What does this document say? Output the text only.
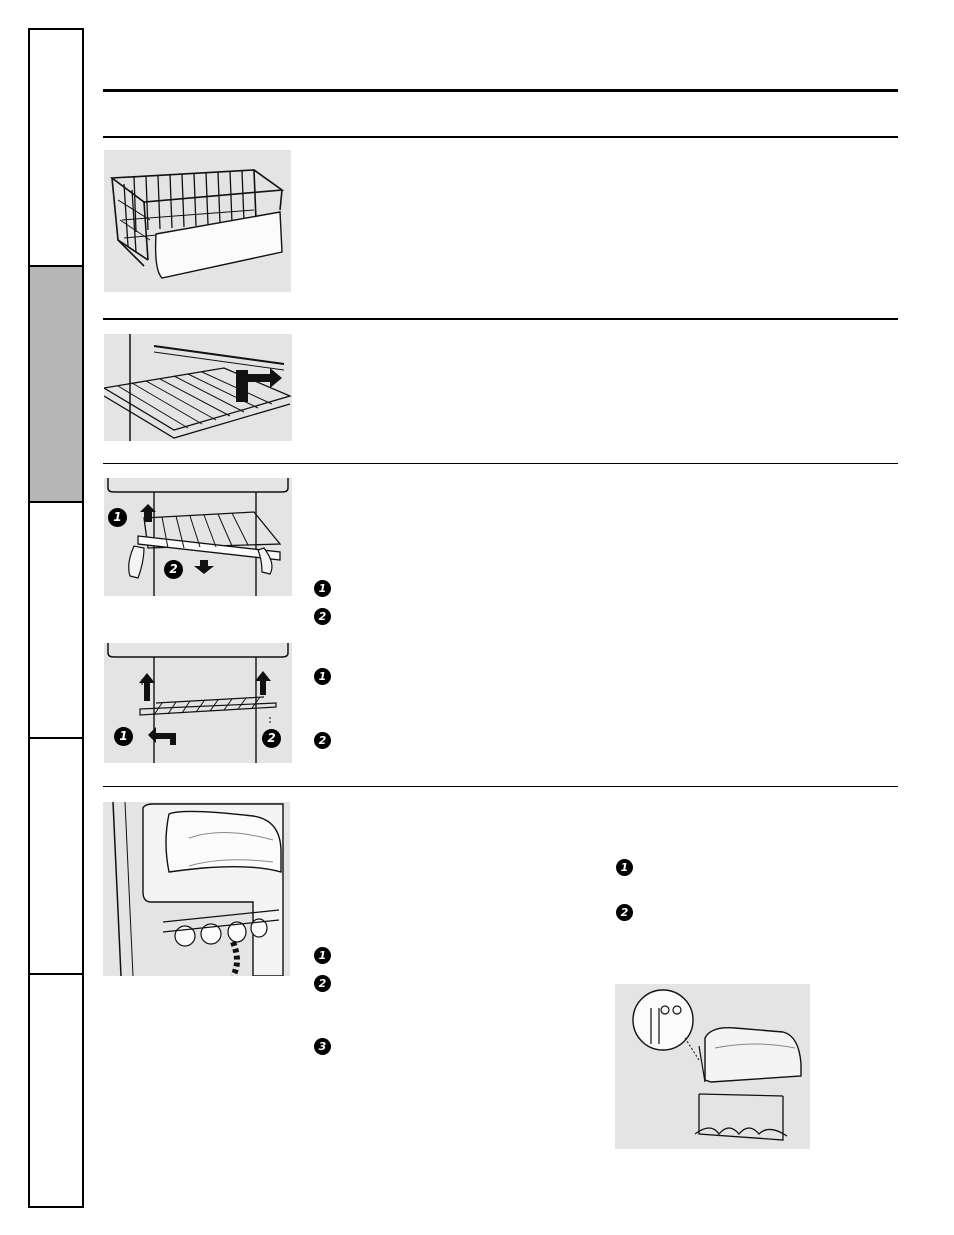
1
2
1	2
1
2
1
2
1
2
3
1
2
